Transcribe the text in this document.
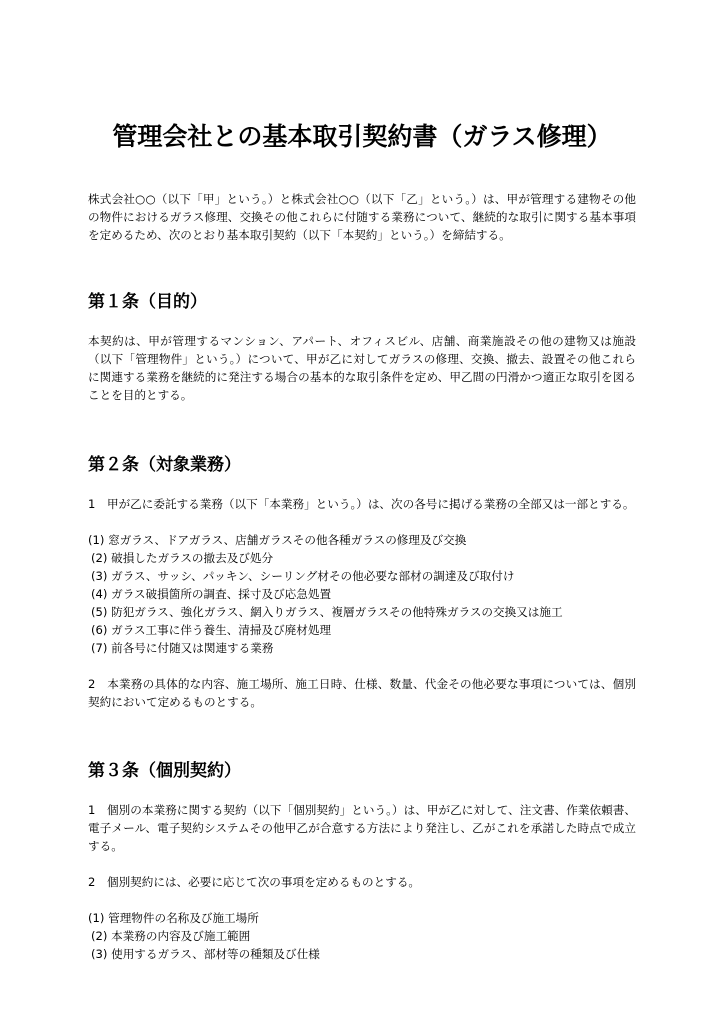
管理会社との基本取引契約書（ガラス修理）

株式会社○○（以下「甲」という。）と株式会社○○（以下「乙」という。）は、甲が管理する建物その他の物件におけるガラス修理、交換その他これらに付随する業務について、継続的な取引に関する基本事項を定めるため、次のとおり基本取引契約（以下「本契約」という。）を締結する。

第１条（目的）

本契約は、甲が管理するマンション、アパート、オフィスビル、店舗、商業施設その他の建物又は施設（以下「管理物件」という。）について、甲が乙に対してガラスの修理、交換、撤去、設置その他これらに関連する業務を継続的に発注する場合の基本的な取引条件を定め、甲乙間の円滑かつ適正な取引を図ることを目的とする。

第２条（対象業務）

1　甲が乙に委託する業務（以下「本業務」という。）は、次の各号に掲げる業務の全部又は一部とする。

(1) 窓ガラス、ドアガラス、店舗ガラスその他各種ガラスの修理及び交換
(2) 破損したガラスの撤去及び処分
(3) ガラス、サッシ、パッキン、シーリング材その他必要な部材の調達及び取付け
(4) ガラス破損箇所の調査、採寸及び応急処置
(5) 防犯ガラス、強化ガラス、網入りガラス、複層ガラスその他特殊ガラスの交換又は施工
(6) ガラス工事に伴う養生、清掃及び廃材処理
(7) 前各号に付随又は関連する業務

2　本業務の具体的な内容、施工場所、施工日時、仕様、数量、代金その他必要な事項については、個別契約において定めるものとする。

第３条（個別契約）

1　個別の本業務に関する契約（以下「個別契約」という。）は、甲が乙に対して、注文書、作業依頼書、電子メール、電子契約システムその他甲乙が合意する方法により発注し、乙がこれを承諾した時点で成立する。

2　個別契約には、必要に応じて次の事項を定めるものとする。

(1) 管理物件の名称及び施工場所
(2) 本業務の内容及び施工範囲
(3) 使用するガラス、部材等の種類及び仕様
